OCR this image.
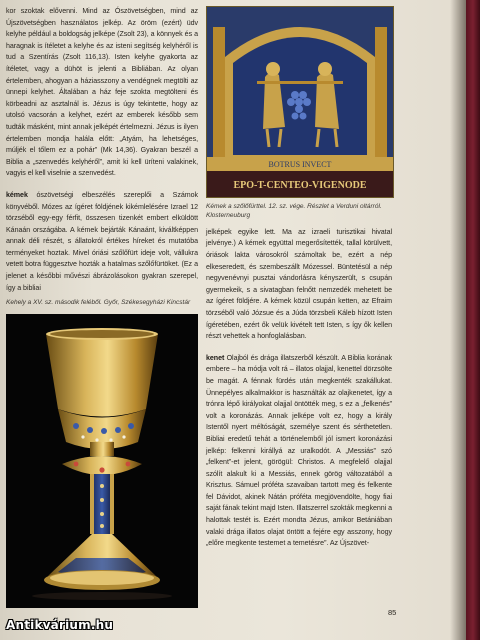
kor szoktak elővenni. Mind az Ószövetségben, mind az Újszövetségben használatos jelkép. Az öröm (ezért) üdv kelyhe például a boldogság jelképe (Zsolt 23), a könnyek és a haragnak is ítéletet a kelyhe és az isteni segítség kelyhéről is tud a Szentírás (Zsolt 116,13). Isten kelyhe gyakorta az ítéletet, vagy a dühöt is jelenti a Bibliában. Az olyan értelemben, ahogyan a háziasszony a vendégnek megtölti az ünnepi kelyhet. Általában a ház feje szokta megtölteni és körbeadni az asztalnál is. Jézus is úgy tekintette, hogy az utolsó vacsorán a kelyhet, ezért az emberek később sem tudták másként, mint annak jelképét értelmezni. Jézus is ilyen értelemben mondja halála előtt: „Atyám, ha lehetséges, múljék el tőlem ez a pohár” (Mk 14,36). Gyakran beszél a Biblia a „szenvedés kelyhéről”, amit ki kell üríteni valakinek, vagyis el kell viselnie a szenvedést.

kémek ószövetségi elbeszélés szereplői a Számok könyvéből. Mózes az ígéret földjének kikémlelésére Izrael 12 törzséből egy-egy férfit, összesen tizenkét embert elküldött Kánaán országába. A kémek bejárták Kánaánt, kiváltképpen annak déli részét, s állatokról értékes híreket és mutatóba terményeket hoztak. Mivel óriási szőlőfürt ideje volt, vállukra vetett botra függesztve hozták a hatalmas szőlőfürtöket. (Ez a jelenet a későbbi művészi ábrázolásokon gyakran szerepel, így a bibliai

Kehely a XV. sz. második feléből. Győr, Székesegyházi Kincstár
BOTRUS INVECT
EPO-T-CENTEO-VIGENODE
Kémek a szőlőfürttel. 12. sz. vége. Részlet a Verduni oltárról. Klosterneuburg

jelképek egyike lett. Ma az izraeli turisztikai hivatal jelvénye.) A kémek együttal megerősítették, tallal körülvett, óriások lakta városokról számoltak be, ezért a nép elkeseredett, és szembeszállt Mózessel. Büntetésül a nép negyvenévnyi pusztai vándorlásra kényszerült, s csupán gyermekeik, s a sivatagban felnőtt nemzedék mehetett be az ígéret földjére. A kémek közül csupán ketten, az Efraim törzséből való Józsue és a Júda törzsbeli Káleb hízott Isten ígéretében, ezért ők velük kivételt tett Isten, s így ők kellen részt vehettek a honfoglalásban.

kenet Olajból és drága illatszerből készült. A Biblia korának embere – ha módja volt rá – illatos olajjal, kenettel dörzsölte be magát. A fénnak fürdés után megkenték szakállukat. Ünnepélyes alkalmakkor is használták az olajkenetet, így a trónra lépő királyokat olajjal öntötték meg, s ez a „felkenés” volt a koronázás. Annak jelképe volt ez, hogy a király Istentől nyert méltóságát, személye szent és sérthetetlen. Bibliai eredetű tehát a történelemből jól ismert koronázási jelkép: felkenni királlyá az uralkodót. A „Messiás” szó „felkent”-et jelent, görögül: Christos. A megfelelő olajjal szólít alakult ki a Messiás, ennek görög változatából a Krisztus. Sámuel próféta szavaiban tartott meg és felkente fel Dávidot, akinek Nátán próféta megjövendölte, hogy fiai saját fának tekint majd Isten. Illatszerrel szokták megkenni a halottak testét is. Ezért mondta Jézus, amikor Betániában valaki drága illatos olajat öntött a fejére egy asszony, hogy „előre megkente testemet a temetésre”. Az Újszövet-

85
Antikvárium.hu
